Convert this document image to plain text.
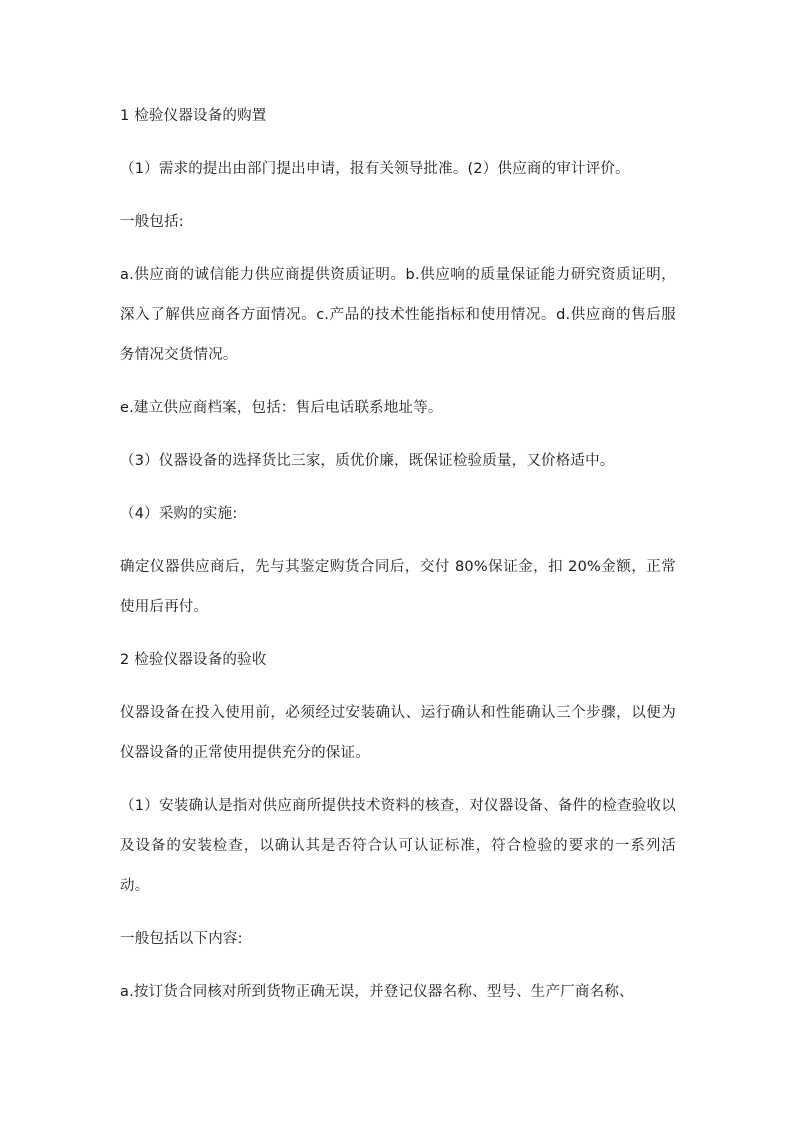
1 检验仪器设备的购置

（1）需求的提出由部门提出申请，报有关领导批准。(2）供应商的审计评价。

一般包括:

a.供应商的诚信能力供应商提供资质证明。b.供应响的质量保证能力研究资质证明，深入了解供应商各方面情况。c.产品的技术性能指标和使用情况。d.供应商的售后服务情况交货情况。

e.建立供应商档案，包括：售后电话联系地址等。

（3）仪器设备的选择货比三家，质优价廉，既保证检验质量，又价格适中。

（4）采购的实施:

确定仪器供应商后，先与其鉴定购货合同后，交付 80%保证金，扣 20%金额，正常使用后再付。

2 检验仪器设备的验收

仪器设备在投入使用前，必须经过安装确认、运行确认和性能确认三个步骤，以便为仪器设备的正常使用提供充分的保证。

（1）安装确认是指对供应商所提供技术资料的核查，对仪器设备、备件的检查验收以及设备的安装检查，以确认其是否符合认可认证标准，符合检验的要求的一系列活动。

一般包括以下内容:

a.按订货合同核对所到货物正确无误，并登记仪器名称、型号、生产厂商名称、
